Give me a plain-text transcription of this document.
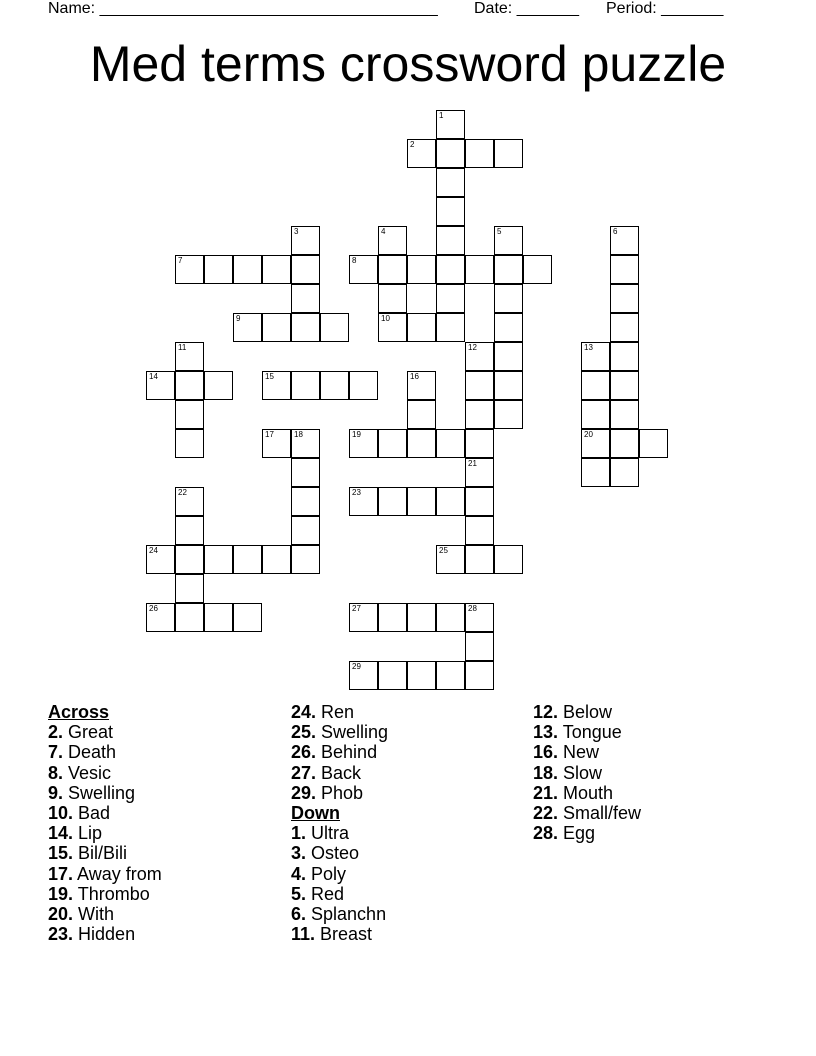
Name: ______________________________________ Date: _______ Period: _______
Med terms crossword puzzle
1
2
3	4
10
5	6
7	8
9
11	12	13
20
14	15	16
17	18	19
21
22	23
24	25
26	27	28
29
Across
2. Great
7. Death
8. Vesic
9. Swelling
10. Bad
14. Lip
15. Bil/Bili
17. Away from
19. Thrombo
20. With
23. Hidden
24. Ren
25. Swelling
26. Behind
27. Back
29. Phob
Down
1. Ultra
3. Osteo
4. Poly
5. Red
6. Splanchn
11. Breast
12. Below
13. Tongue
16. New
18. Slow
21. Mouth
22. Small/few
28. Egg
